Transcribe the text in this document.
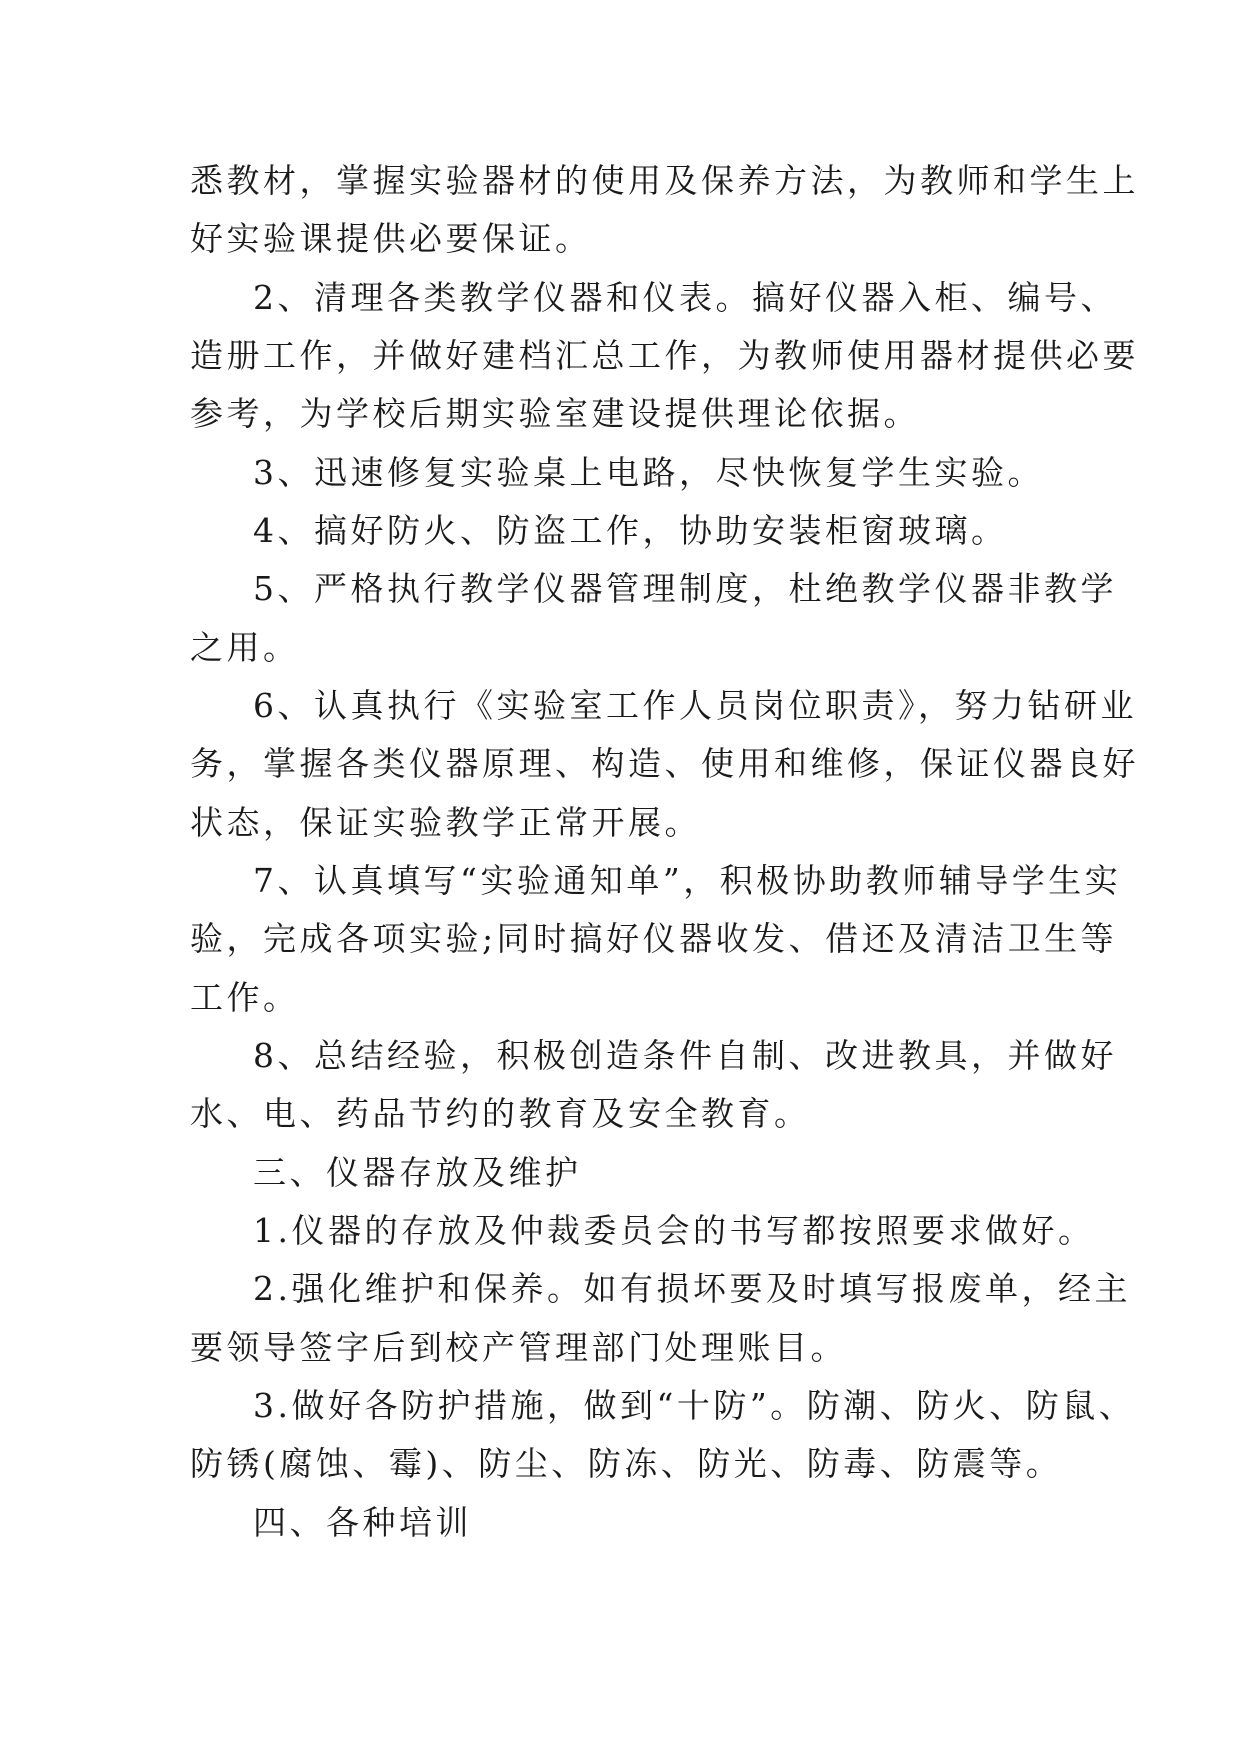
悉教材，掌握实验器材的使用及保养方法，为教师和学生上
好实验课提供必要保证。
2、清理各类教学仪器和仪表。搞好仪器入柜、编号、
造册工作，并做好建档汇总工作，为教师使用器材提供必要
参考，为学校后期实验室建设提供理论依据。
3、迅速修复实验桌上电路，尽快恢复学生实验。
4、搞好防火、防盗工作，协助安装柜窗玻璃。
5、严格执行教学仪器管理制度，杜绝教学仪器非教学
之用。
6、认真执行《实验室工作人员岗位职责》，努力钻研业
务，掌握各类仪器原理、构造、使用和维修，保证仪器良好
状态，保证实验教学正常开展。
7、认真填写“实验通知单”，积极协助教师辅导学生实
验，完成各项实验;同时搞好仪器收发、借还及清洁卫生等
工作。
8、总结经验，积极创造条件自制、改进教具，并做好
水、电、药品节约的教育及安全教育。
三、仪器存放及维护
1.仪器的存放及仲裁委员会的书写都按照要求做好。
2.强化维护和保养。如有损坏要及时填写报废单，经主
要领导签字后到校产管理部门处理账目。
3.做好各防护措施，做到“十防”。防潮、防火、防鼠、
防锈(腐蚀、霉)、防尘、防冻、防光、防毒、防震等。
四、各种培训
